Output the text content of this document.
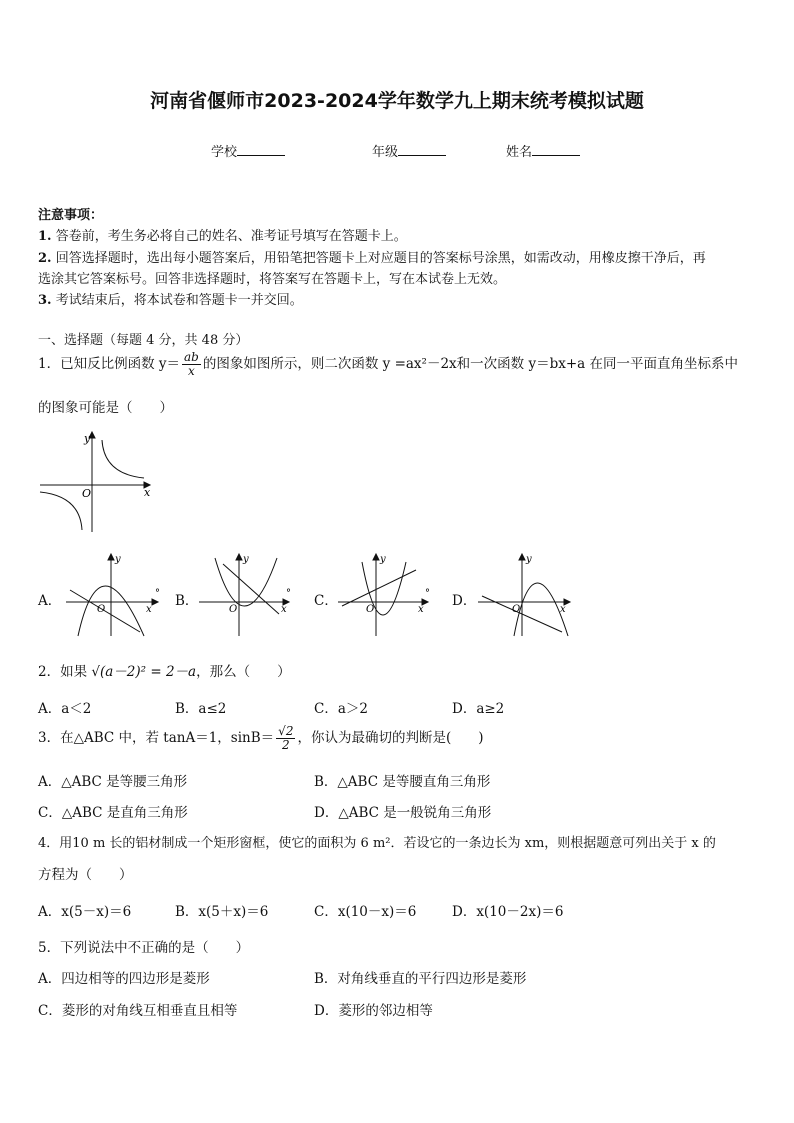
河南省偃师市2023-2024学年数学九上期末统考模拟试题
学校	年级	姓名
注意事项：
1. 答卷前，考生务必将自己的姓名、准考证号填写在答题卡上。
2. 回答选择题时，选出每小题答案后，用铅笔把答题卡上对应题目的答案标号涂黑，如需改动，用橡皮擦干净后，再
选涂其它答案标号。回答非选择题时，将答案写在答题卡上，写在本试卷上无效。
3. 考试结束后，将本试卷和答题卡一并交回。
一、选择题（每题 4 分，共 48 分）
1．已知反比例函数 $y= \frac{ab}{x}$ 的图象如图所示，则二次函数 y =ax²－2x和一次函数 y＝bx+a 在同一平面直角坐标系中
的图象可能是（　　）
y
x
O
A．
y
x
O
° B．
y
x
O
° C．
y
x
O
° D．
y
x
O
2．如果 √(a－2)² = 2－a，那么（　　）
A．a＜2	B．a≤2	C．a＞2	D．a≥2
3．在△ABC 中，若 tanA＝1，$\sin B= \frac{√2}{2}$ ，你认为最确切的判断是(　　)
A．△ABC 是等腰三角形	B．△ABC 是等腰直角三角形
C．△ABC 是直角三角形	D．△ABC 是一般锐角三角形
4．用10 m 长的铝材制成一个矩形窗框，使它的面积为 6 m²．若设它的一条边长为 xm，则根据题意可列出关于 x 的
方程为（　　）
A．x(5－x)＝6	B．x(5＋x)＝6	C．x(10－x)＝6	D．x(10－2x)＝6
5．下列说法中不正确的是（　　）
A．四边相等的四边形是菱形	B．对角线垂直的平行四边形是菱形
C．菱形的对角线互相垂直且相等	D．菱形的邻边相等
